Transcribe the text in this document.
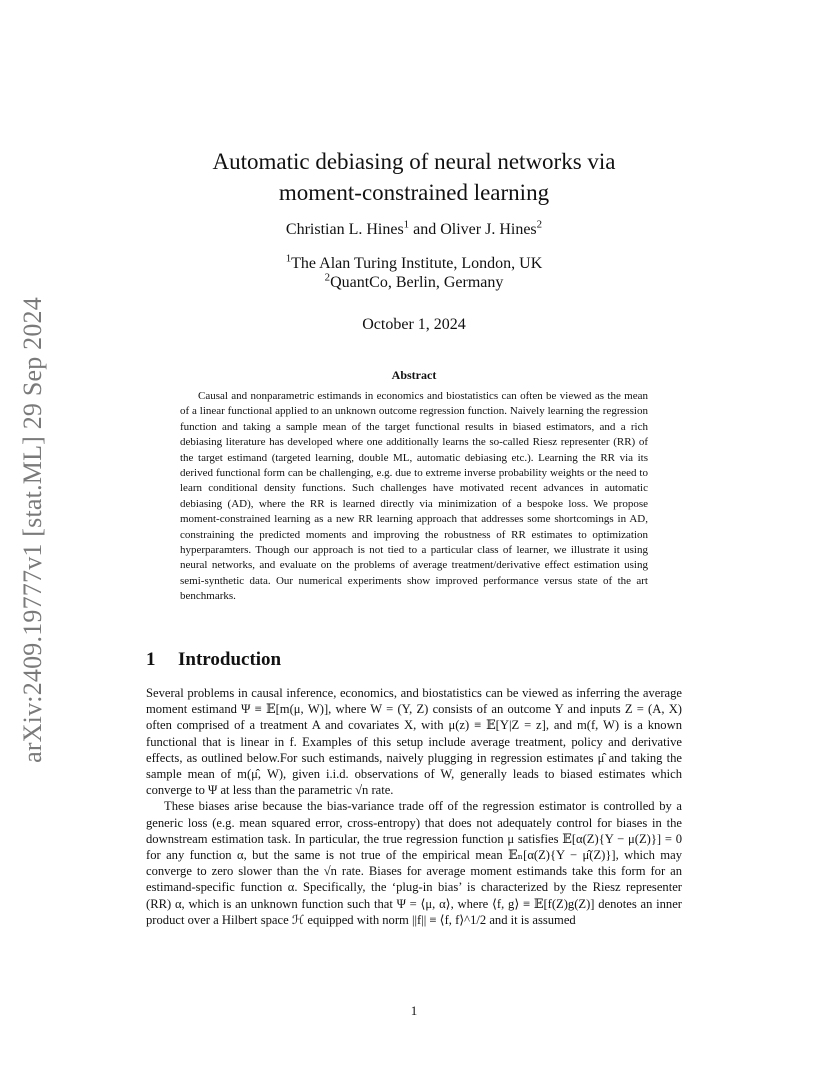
arXiv:2409.19777v1 [stat.ML] 29 Sep 2024
Automatic debiasing of neural networks via
moment-constrained learning
Christian L. Hines$^1$ and Oliver J. Hines$^2$
$^1$The Alan Turing Institute, London, UK
$^2$QuantCo, Berlin, Germany
October 1, 2024
Abstract
Causal and nonparametric estimands in economics and biostatistics can often be viewed as the mean of a linear functional applied to an unknown outcome regression function. Naively learning the regression function and taking a sample mean of the target functional results in biased estimators, and a rich debiasing literature has developed where one additionally learns the so-called Riesz representer (RR) of the target estimand (targeted learning, double ML, automatic debiasing etc.). Learning the RR via its derived functional form can be challenging, e.g. due to extreme inverse probability weights or the need to learn conditional density functions. Such challenges have motivated recent advances in automatic debiasing (AD), where the RR is learned directly via minimization of a bespoke loss. We propose moment-constrained learning as a new RR learning approach that addresses some shortcomings in AD, constraining the predicted moments and improving the robustness of RR estimates to optimization hyperparamters. Though our approach is not tied to a particular class of learner, we illustrate it using neural networks, and evaluate on the problems of average treatment/derivative effect estimation using semi-synthetic data. Our numerical experiments show improved performance versus state of the art benchmarks.
1 Introduction

Several problems in causal inference, economics, and biostatistics can be viewed as inferring the average moment estimand Ψ ≡ 𝔼[m(μ, W)], where W = (Y, Z) consists of an outcome Y and inputs Z = (A, X) often comprised of a treatment A and covariates X, with μ(z) ≡ 𝔼[Y|Z = z], and m(f, W) is a known functional that is linear in f. Examples of this setup include average treatment, policy and derivative effects, as outlined below.For such estimands, naively plugging in regression estimates μ̂ and taking the sample mean of m(μ̂, W), given i.i.d. observations of W, generally leads to biased estimates which converge to Ψ at less than the parametric √n rate.

These biases arise because the bias-variance trade off of the regression estimator is controlled by a generic loss (e.g. mean squared error, cross-entropy) that does not adequately control for biases in the downstream estimation task. In particular, the true regression function μ satisfies 𝔼[α(Z){Y − μ(Z)}] = 0 for any function α, but the same is not true of the empirical mean 𝔼ₙ[α(Z){Y − μ̂(Z)}], which may converge to zero slower than the √n rate. Biases for average moment estimands take this form for an estimand-specific function α. Specifically, the ‘plug-in bias’ is characterized by the Riesz representer (RR) α, which is an unknown function such that Ψ = ⟨μ, α⟩, where ⟨f, g⟩ ≡ 𝔼[f(Z)g(Z)] denotes an inner product over a Hilbert space ℋ equipped with norm ||f|| ≡ ⟨f, f⟩^1/2 and it is assumed

1
